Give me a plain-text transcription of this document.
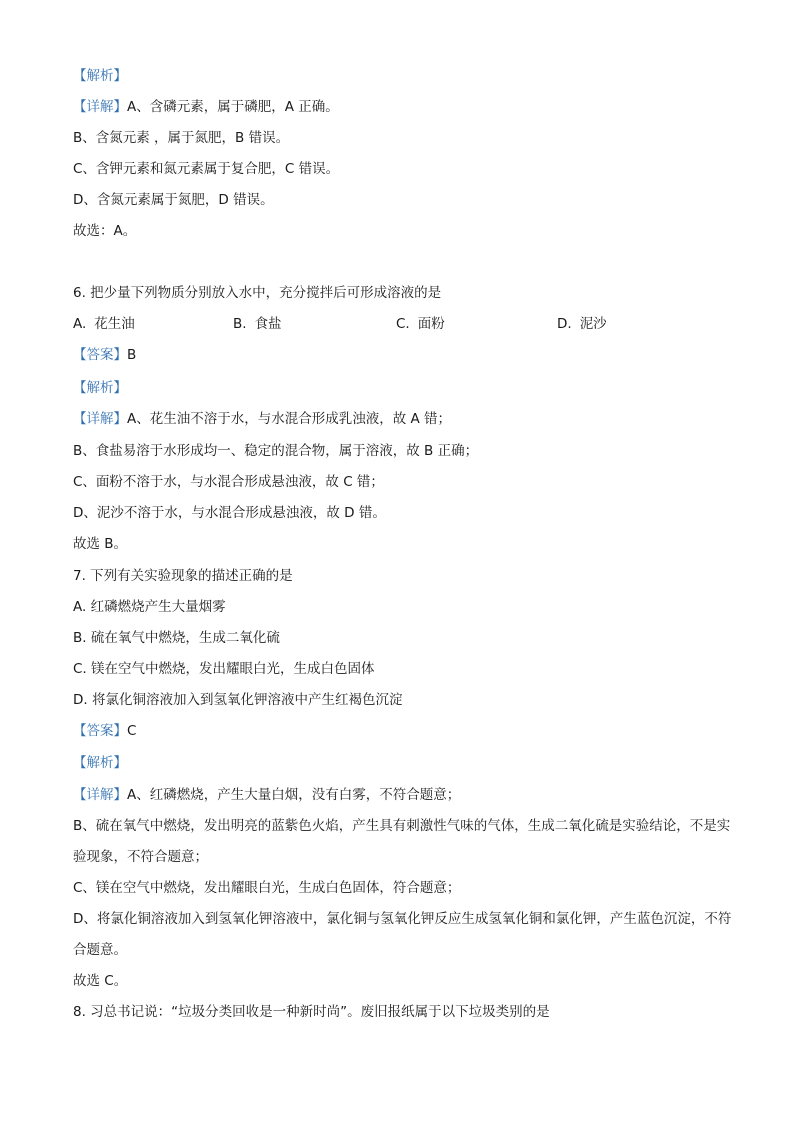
【解析】
【详解】A、含磷元素，属于磷肥，A 正确。
B、含氮元素 ，属于氮肥，B 错误。
C、含钾元素和氮元素属于复合肥，C 错误。
D、含氮元素属于氮肥，D 错误。
故选：A。
6. 把少量下列物质分别放入水中，充分搅拌后可形成溶液的是
A. 花生油	B. 食盐	C. 面粉	D. 泥沙
【答案】B
【解析】
【详解】A、花生油不溶于水，与水混合形成乳浊液，故 A 错；
B、食盐易溶于水形成均一、稳定的混合物，属于溶液，故 B 正确；
C、面粉不溶于水，与水混合形成悬浊液，故 C 错；
D、泥沙不溶于水，与水混合形成悬浊液，故 D 错。
故选 B。
7. 下列有关实验现象的描述正确的是
A. 红磷燃烧产生大量烟雾
B. 硫在氧气中燃烧，生成二氧化硫
C. 镁在空气中燃烧，发出耀眼白光，生成白色固体
D. 将氯化铜溶液加入到氢氧化钾溶液中产生红褐色沉淀
【答案】C
【解析】
【详解】A、红磷燃烧，产生大量白烟，没有白雾，不符合题意；
B、硫在氧气中燃烧，发出明亮的蓝紫色火焰，产生具有刺激性气味的气体，生成二氧化硫是实验结论，不是实验现象，不符合题意；
C、镁在空气中燃烧，发出耀眼白光，生成白色固体，符合题意；
D、将氯化铜溶液加入到氢氧化钾溶液中，氯化铜与氢氧化钾反应生成氢氧化铜和氯化钾，产生蓝色沉淀，不符合题意。
故选 C。
8. 习总书记说：“垃圾分类回收是一种新时尚”。废旧报纸属于以下垃圾类别的是
